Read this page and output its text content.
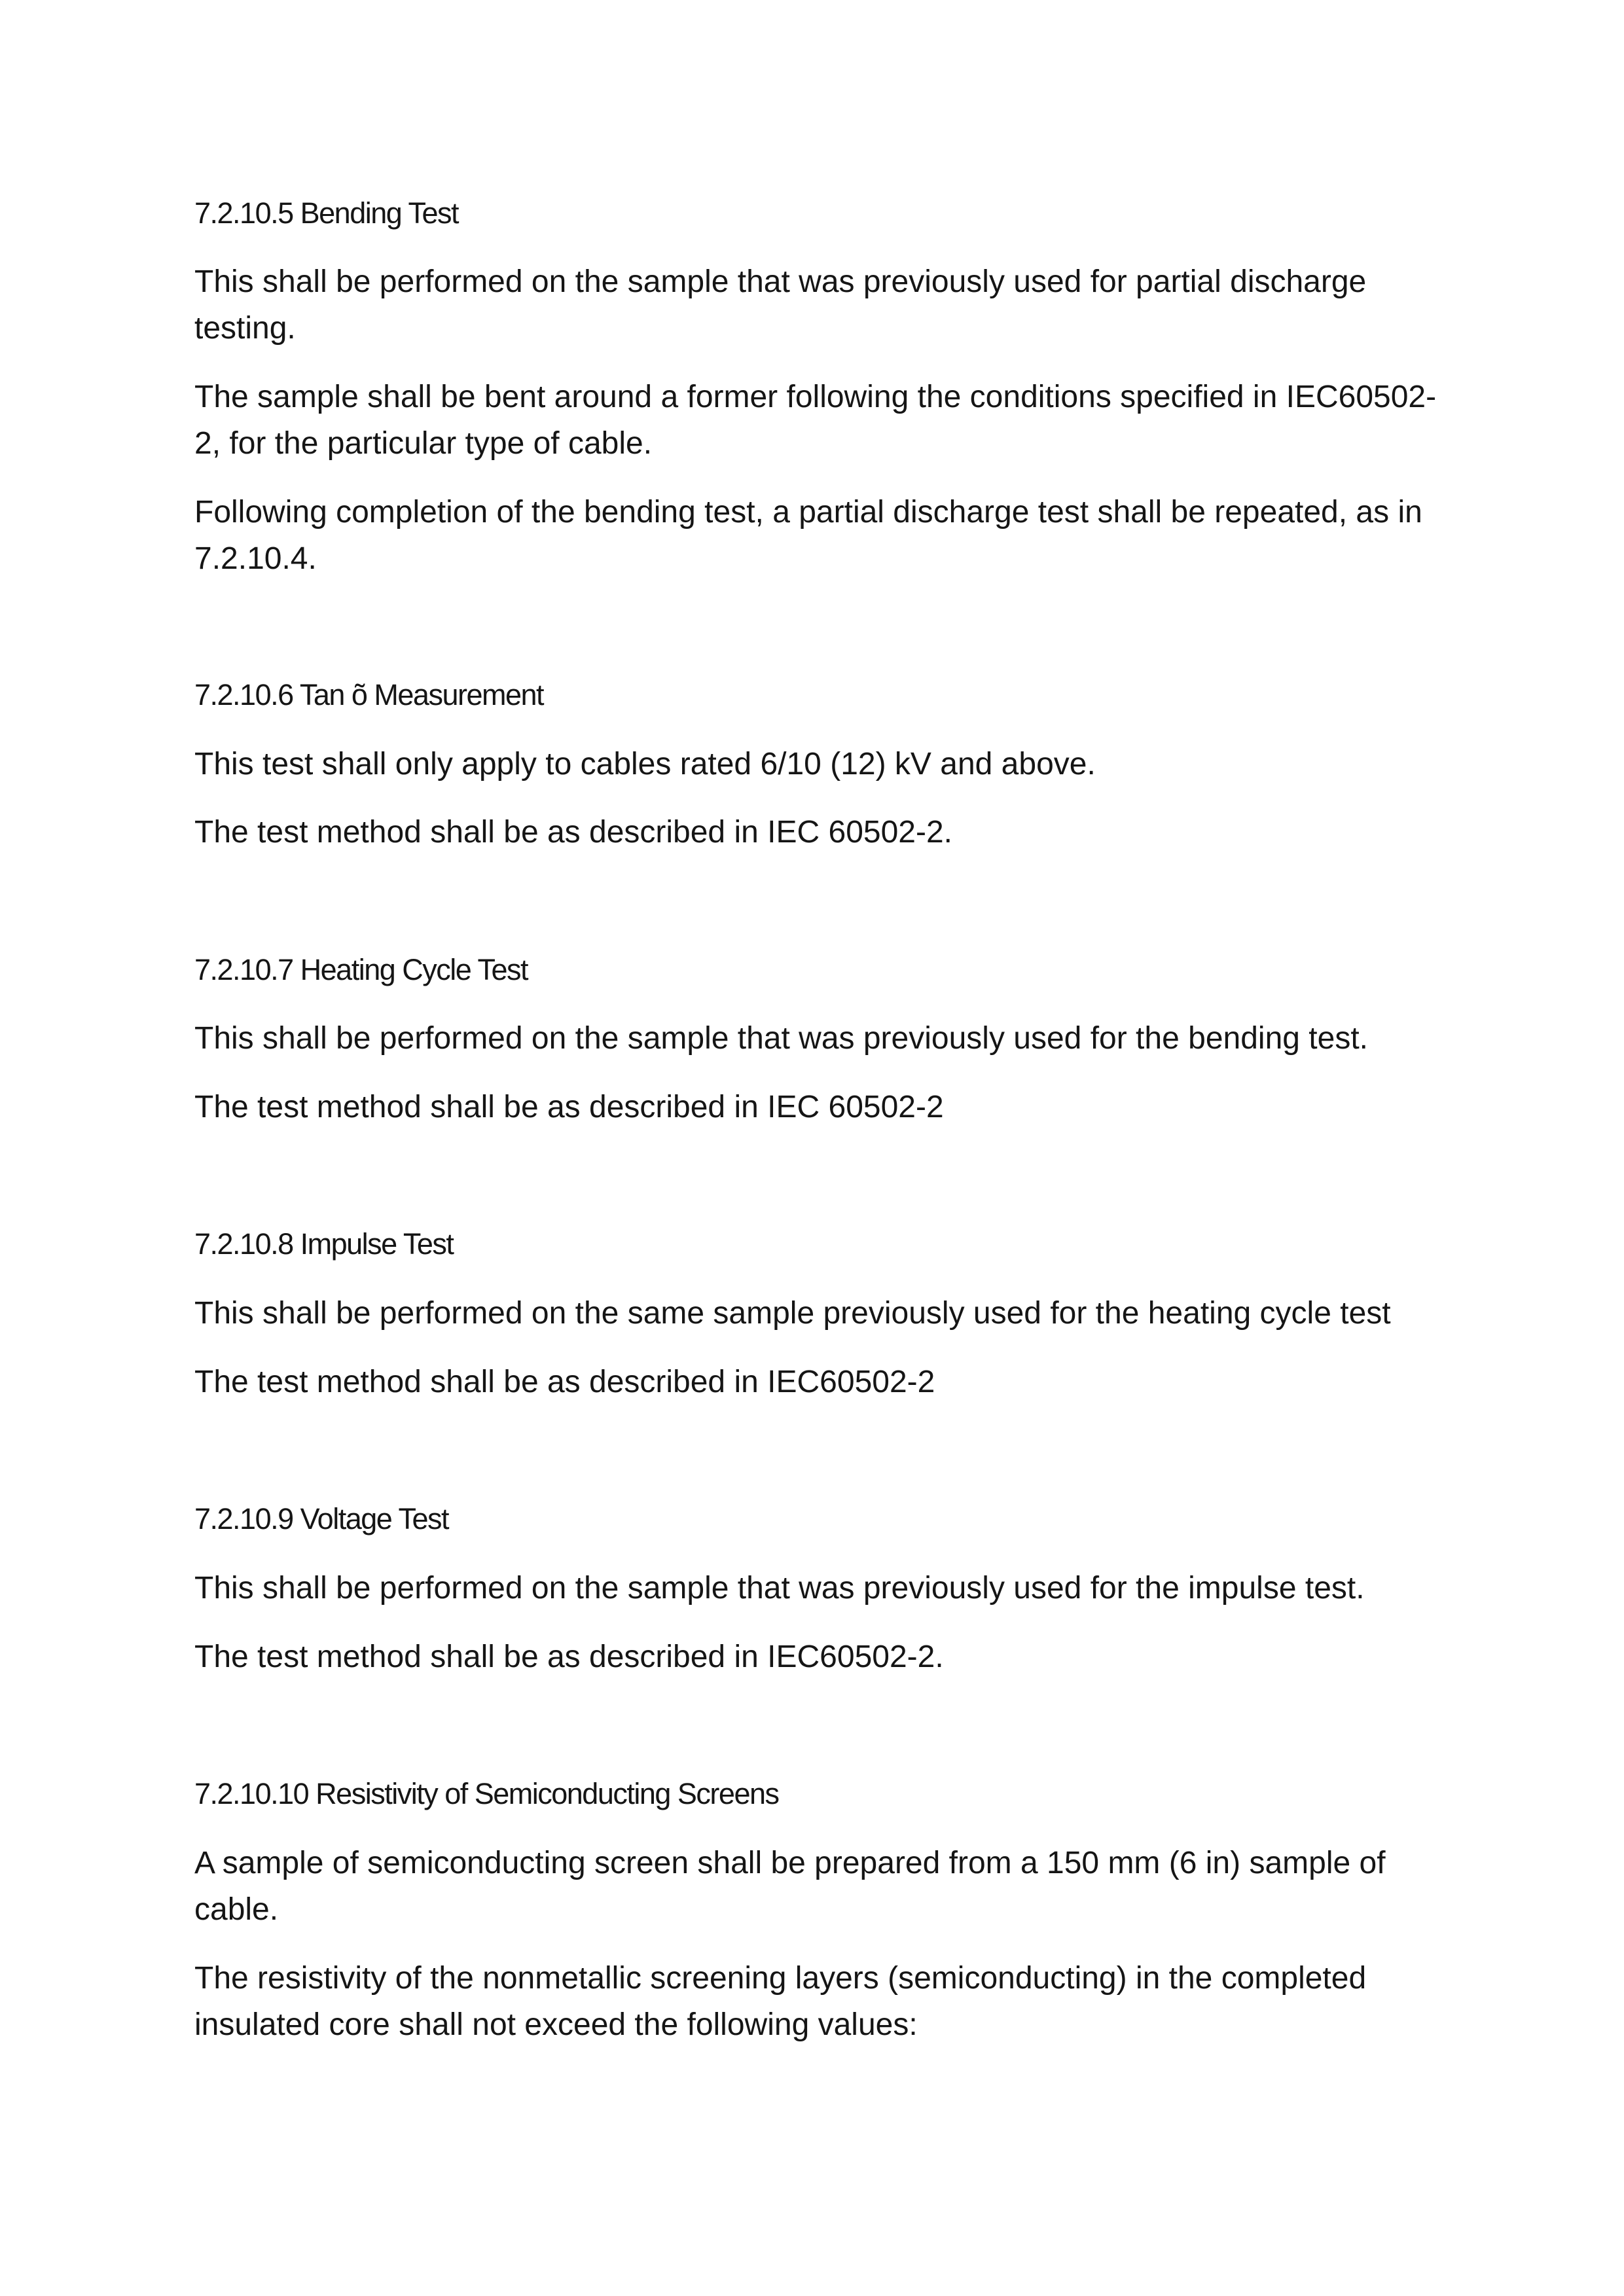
7.2.10.5 Bending Test
This shall be performed on the sample that was previously used for partial discharge testing.
The sample shall be bent around a former following the conditions specified in IEC60502-2, for the particular type of cable.
Following completion of the bending test, a partial discharge test shall be repeated, as in 7.2.10.4.
7.2.10.6 Tan õ Measurement
This test shall only apply to cables rated 6/10 (12) kV and above.
The test method shall be as described in IEC 60502-2.
7.2.10.7 Heating Cycle Test
This shall be performed on the sample that was previously used for the bending test.
The test method shall be as described in IEC 60502-2
7.2.10.8 Impulse Test
This shall be performed on the same sample previously used for the heating cycle test
The test method shall be as described in IEC60502-2
7.2.10.9 Voltage Test
This shall be performed on the sample that was previously used for the impulse test.
The test method shall be as described in IEC60502-2.
7.2.10.10 Resistivity of Semiconducting Screens
A sample of semiconducting screen shall be prepared from a 150 mm (6 in) sample of cable.
The resistivity of the nonmetallic screening layers (semiconducting) in the completed insulated core shall not exceed the following values:
